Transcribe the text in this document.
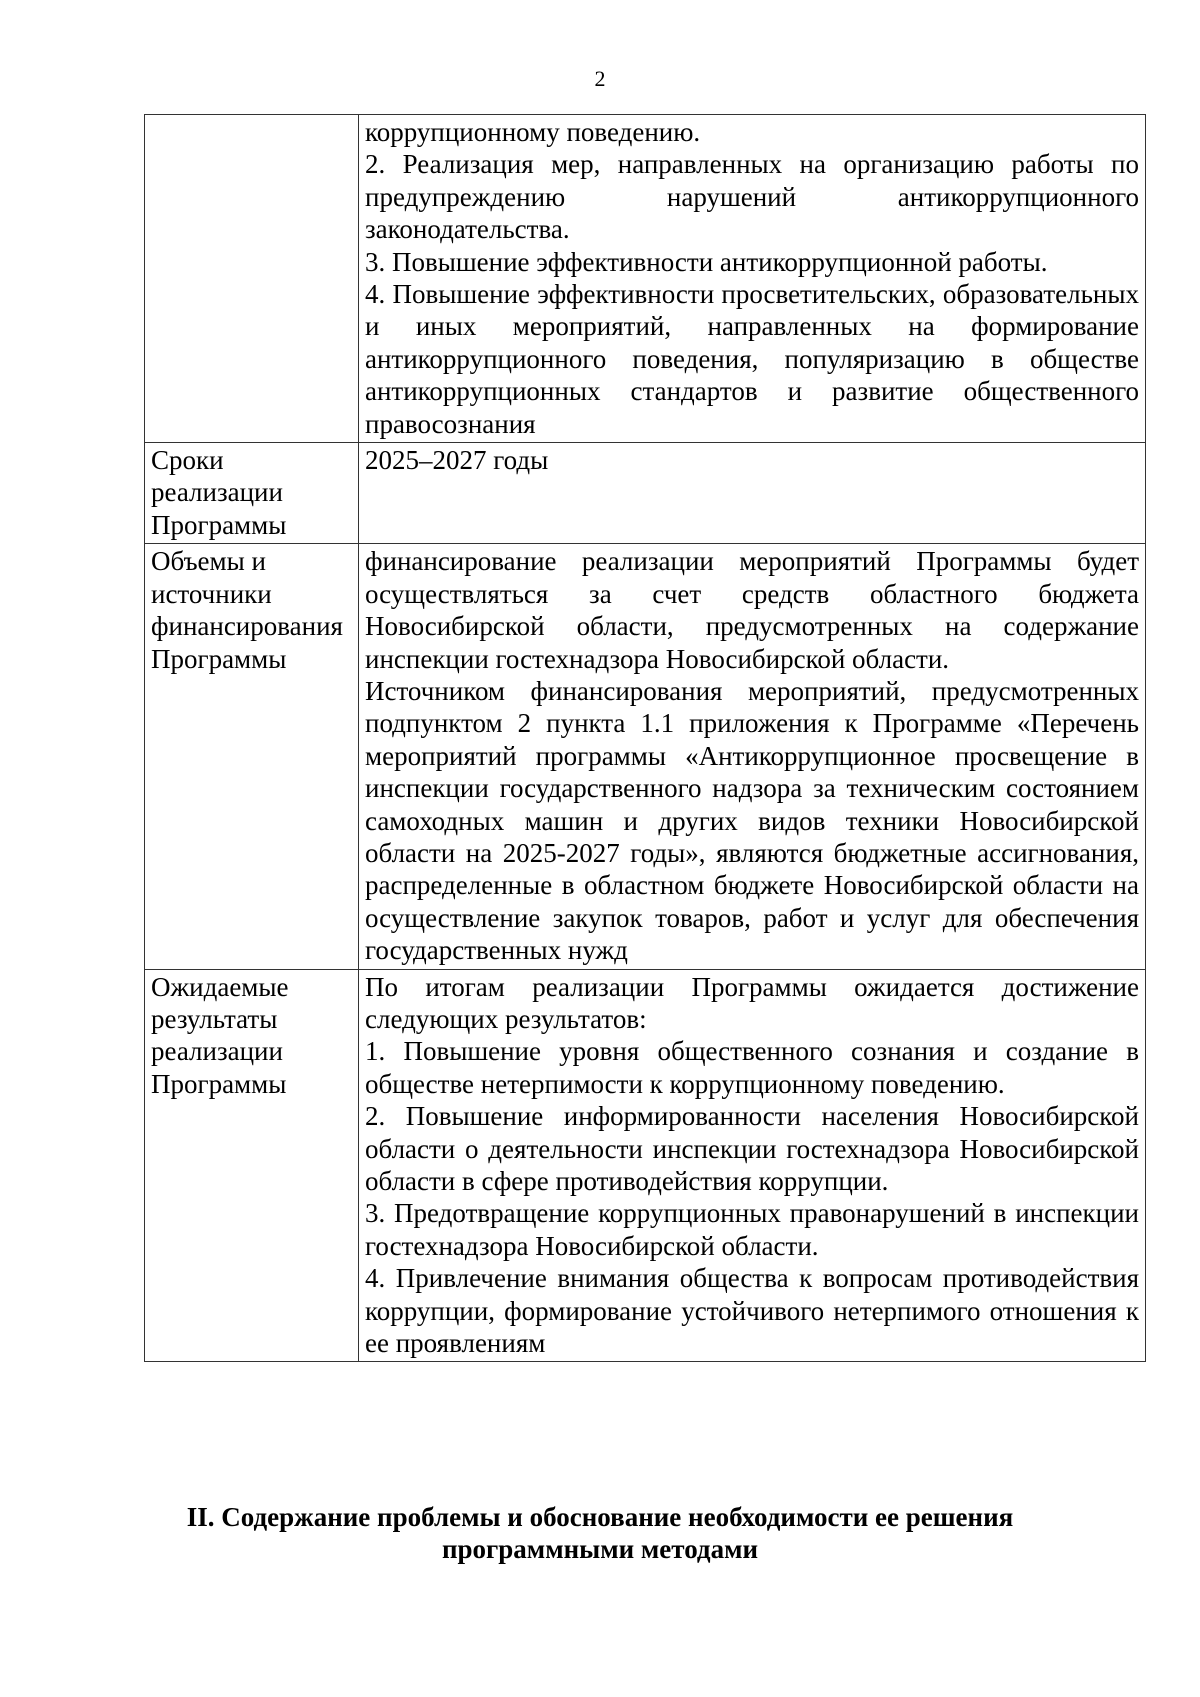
2

	коррупционному поведению.

2. Реализация мер, направленных на организацию работы по предупреждению нарушений антикоррупционного законодательства.

3. Повышение эффективности антикоррупционной работы.

4. Повышение эффективности просветительских, образовательных и иных мероприятий, направленных на формирование антикоррупционного поведения, популяризацию в обществе антикоррупционных стандартов и развитие общественного правосознания

Сроки реализации Программы	2025–2027 годы

Объемы и источники финансирования Программы	финансирование реализации мероприятий Программы будет осуществляться за счет средств областного бюджета Новосибирской области, предусмотренных на содержание инспекции гостехнадзора Новосибирской области.

Источником финансирования мероприятий, предусмотренных подпунктом 2 пункта 1.1 приложения к Программе «Перечень мероприятий программы «Антикоррупционное просвещение в инспекции государственного надзора за техническим состоянием самоходных машин и других видов техники Новосибирской области на 2025-2027 годы», являются бюджетные ассигнования, распределенные в областном бюджете Новосибирской области на осуществление закупок товаров, работ и услуг для обеспечения государственных нужд

Ожидаемые результаты реализации Программы	По итогам реализации Программы ожидается достижение следующих результатов:

1. Повышение уровня общественного сознания и создание в обществе нетерпимости к коррупционному поведению.

2. Повышение информированности населения Новосибирской области о деятельности инспекции гостехнадзора Новосибирской области в сфере противодействия коррупции.

3. Предотвращение коррупционных правонарушений в инспекции гостехнадзора Новосибирской области.

4. Привлечение внимания общества к вопросам противодействия коррупции, формирование устойчивого нетерпимого отношения к ее проявлениям

II. Содержание проблемы и обоснование необходимости ее решения
программными методами
